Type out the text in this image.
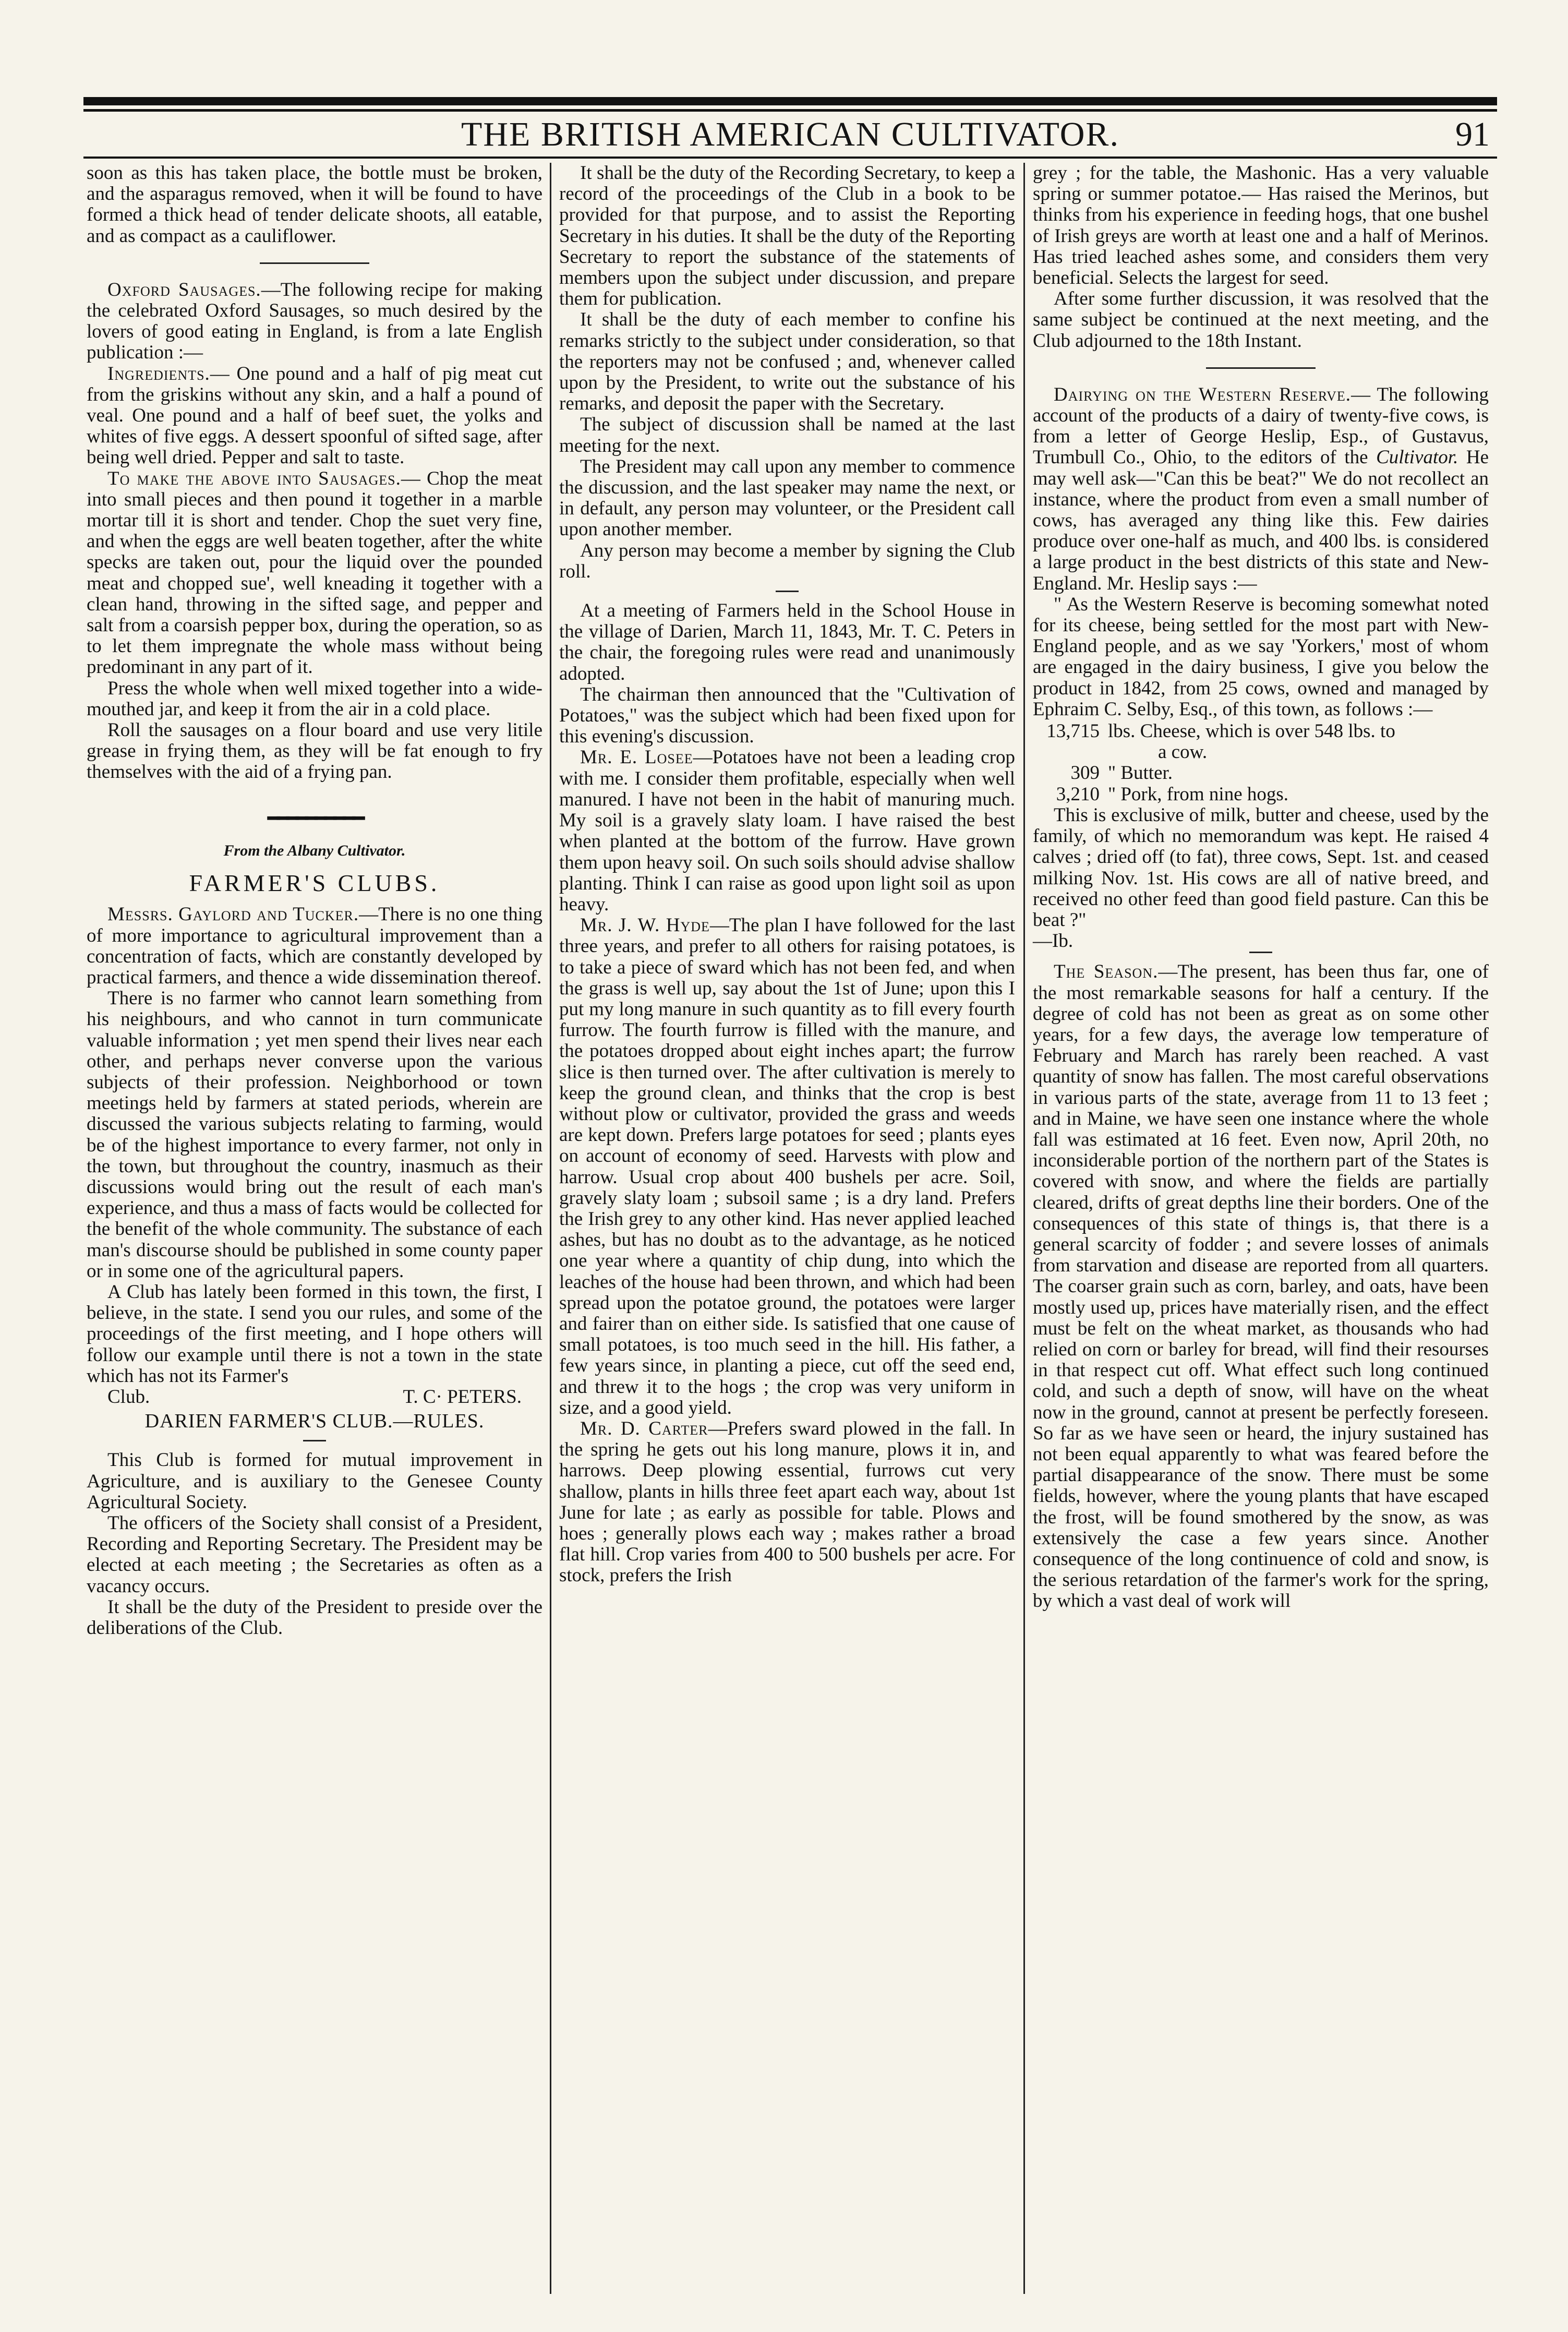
THE BRITISH AMERICAN CULTIVATOR.	91

soon as this has taken place, the bottle must be broken, and the asparagus removed, when it will be found to have formed a thick head of tender delicate shoots, all eatable, and as compact as a cauliflower.

Oxford Sausages.—The following recipe for making the celebrated Oxford Sausages, so much desired by the lovers of good eating in England, is from a late English publication :—

Ingredients.— One pound and a half of pig meat cut from the griskins without any skin, and a half a pound of veal. One pound and a half of beef suet, the yolks and whites of five eggs. A dessert spoonful of sifted sage, after being well dried. Pepper and salt to taste.

To make the above into Sausages.— Chop the meat into small pieces and then pound it together in a marble mortar till it is short and tender. Chop the suet very fine, and when the eggs are well beaten together, after the white specks are taken out, pour the liquid over the pounded meat and chopped sue', well kneading it together with a clean hand, throwing in the sifted sage, and pepper and salt from a coarsish pepper box, during the operation, so as to let them impregnate the whole mass without being predominant in any part of it.

Press the whole when well mixed together into a wide-mouthed jar, and keep it from the air in a cold place.

Roll the sausages on a flour board and use very litile grease in frying them, as they will be fat enough to fry themselves with the aid of a frying pan.

━━━━━━━━━━
From the Albany Cultivator.
FARMER'S CLUBS.

Messrs. Gaylord and Tucker.—There is no one thing of more importance to agricultural improvement than a concentration of facts, which are constantly developed by practical farmers, and thence a wide dissemination thereof.

There is no farmer who cannot learn something from his neighbours, and who cannot in turn communicate valuable information ; yet men spend their lives near each other, and perhaps never converse upon the various subjects of their profession. Neighborhood or town meetings held by farmers at stated periods, wherein are discussed the various subjects relating to farming, would be of the highest importance to every farmer, not only in the town, but throughout the country, inasmuch as their discussions would bring out the result of each man's experience, and thus a mass of facts would be collected for the benefit of the whole community. The substance of each man's discourse should be published in some county paper or in some one of the agricultural papers.

A Club has lately been formed in this town, the first, I believe, in the state. I send you our rules, and some of the proceedings of the first meeting, and I hope others will follow our example until there is not a town in the state which has not its Farmer's

Club.	T. C· PETERS.

DARIEN FARMER'S CLUB.—RULES.

This Club is formed for mutual improvement in Agriculture, and is auxiliary to the Genesee County Agricultural Society.

The officers of the Society shall consist of a President, Recording and Reporting Secretary. The President may be elected at each meeting ; the Secretaries as often as a vacancy occurs.

It shall be the duty of the President to preside over the deliberations of the Club.

It shall be the duty of the Recording Secretary, to keep a record of the proceedings of the Club in a book to be provided for that purpose, and to assist the Reporting Secretary in his duties. It shall be the duty of the Reporting Secretary to report the substance of the statements of members upon the subject under discussion, and prepare them for publication.

It shall be the duty of each member to confine his remarks strictly to the subject under consideration, so that the reporters may not be confused ; and, whenever called upon by the President, to write out the substance of his remarks, and deposit the paper with the Secretary.

The subject of discussion shall be named at the last meeting for the next.

The President may call upon any member to commence the discussion, and the last speaker may name the next, or in default, any person may volunteer, or the President call upon another member.

Any person may become a member by signing the Club roll.

At a meeting of Farmers held in the School House in the village of Darien, March 11, 1843, Mr. T. C. Peters in the chair, the foregoing rules were read and unanimously adopted.

The chairman then announced that the "Cultivation of Potatoes," was the subject which had been fixed upon for this evening's discussion.

Mr. E. Losee—Potatoes have not been a leading crop with me. I consider them profitable, especially when well manured. I have not been in the habit of manuring much. My soil is a gravely slaty loam. I have raised the best when planted at the bottom of the furrow. Have grown them upon heavy soil. On such soils should advise shallow planting. Think I can raise as good upon light soil as upon heavy.

Mr. J. W. Hyde—The plan I have followed for the last three years, and prefer to all others for raising potatoes, is to take a piece of sward which has not been fed, and when the grass is well up, say about the 1st of June; upon this I put my long manure in such quantity as to fill every fourth furrow. The fourth furrow is filled with the manure, and the potatoes dropped about eight inches apart; the furrow slice is then turned over. The after cultivation is merely to keep the ground clean, and thinks that the crop is best without plow or cultivator, provided the grass and weeds are kept down. Prefers large potatoes for seed ; plants eyes on account of economy of seed. Harvests with plow and harrow. Usual crop about 400 bushels per acre. Soil, gravely slaty loam ; subsoil same ; is a dry land. Prefers the Irish grey to any other kind. Has never applied leached ashes, but has no doubt as to the advantage, as he noticed one year where a quantity of chip dung, into which the leaches of the house had been thrown, and which had been spread upon the potatoe ground, the potatoes were larger and fairer than on either side. Is satisfied that one cause of small potatoes, is too much seed in the hill. His father, a few years since, in planting a piece, cut off the seed end, and threw it to the hogs ; the crop was very uniform in size, and a good yield.

Mr. D. Carter—Prefers sward plowed in the fall. In the spring he gets out his long manure, plows it in, and harrows. Deep plowing essential, furrows cut very shallow, plants in hills three feet apart each way, about 1st June for late ; as early as possible for table. Plows and hoes ; generally plows each way ; makes rather a broad flat hill. Crop varies from 400 to 500 bushels per acre. For stock, prefers the Irish

grey ; for the table, the Mashonic. Has a very valuable spring or summer potatoe.— Has raised the Merinos, but thinks from his experience in feeding hogs, that one bushel of Irish greys are worth at least one and a half of Merinos. Has tried leached ashes some, and considers them very beneficial. Selects the largest for seed.

After some further discussion, it was resolved that the same subject be continued at the next meeting, and the Club adjourned to the 18th Instant.

Dairying on the Western Reserve.— The following account of the products of a dairy of twenty-five cows, is from a letter of George Heslip, Esp., of Gustavus, Trumbull Co., Ohio, to the editors of the Cultivator. He may well ask—"Can this be beat?" We do not recollect an instance, where the product from even a small number of cows, has averaged any thing like this. Few dairies produce over one-half as much, and 400 lbs. is considered a large product in the best districts of this state and New-England. Mr. Heslip says :—

" As the Western Reserve is becoming somewhat noted for its cheese, being settled for the most part with New-England people, and as we say 'Yorkers,' most of whom are engaged in the dairy business, I give you below the product in 1842, from 25 cows, owned and managed by Ephraim C. Selby, Esq., of this town, as follows :—

13,715 lbs. Cheese, which is over 548 lbs. to
a cow.
309 " Butter.
3,210 " Pork, from nine hogs.

This is exclusive of milk, butter and cheese, used by the family, of which no memorandum was kept. He raised 4 calves ; dried off (to fat), three cows, Sept. 1st. and ceased milking Nov. 1st. His cows are all of native breed, and received no other feed than good field pasture. Can this be beat ?"

—Ib.

The Season.—The present, has been thus far, one of the most remarkable seasons for half a century. If the degree of cold has not been as great as on some other years, for a few days, the average low temperature of February and March has rarely been reached. A vast quantity of snow has fallen. The most careful observations in various parts of the state, average from 11 to 13 feet ; and in Maine, we have seen one instance where the whole fall was estimated at 16 feet. Even now, April 20th, no inconsiderable portion of the northern part of the States is covered with snow, and where the fields are partially cleared, drifts of great depths line their borders. One of the consequences of this state of things is, that there is a general scarcity of fodder ; and severe losses of animals from starvation and disease are reported from all quarters. The coarser grain such as corn, barley, and oats, have been mostly used up, prices have materially risen, and the effect must be felt on the wheat market, as thousands who had relied on corn or barley for bread, will find their resourses in that respect cut off. What effect such long continued cold, and such a depth of snow, will have on the wheat now in the ground, cannot at present be perfectly foreseen. So far as we have seen or heard, the injury sustained has not been equal apparently to what was feared before the partial disappearance of the snow. There must be some fields, however, where the young plants that have escaped the frost, will be found smothered by the snow, as was extensively the case a few years since. Another consequence of the long continuence of cold and snow, is the serious retardation of the farmer's work for the spring, by which a vast deal of work will
